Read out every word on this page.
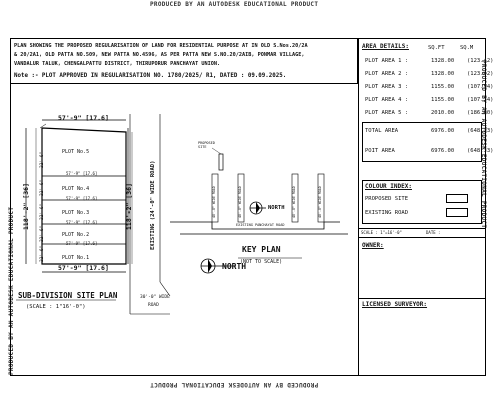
PRODUCED BY AN AUTODESK EDUCATIONAL PRODUCT
PRODUCED BY AN AUTODESK EDUCATIONAL PRODUCT
PRODUCED BY AN AUTODESK EDUCATIONAL PRODUCT
PRODUCED BY AN AUTODESK EDUCATIONAL PRODUCT
PLAN SHOWING THE PROPOSED REGULARISATION OF LAND FOR RESIDENTIAL PURPOSE AT IN OLD S.Nos.20/2A
& 20/2A1, OLD PATTA NO.509, NEW PATTA NO.4596, AS PER PATTA NEW S.NO.20/2AIB, PONMAR VILLAGE,
VANDALUR TALUK, CHENGALPATTU DISTRICT, THIRUPORUR PANCHAYAT UNION.
Note :- PLOT APPROVED IN REGULARISATION NO. 1780/2025/ R1, DATED : 09.09.2025.
57'-9" [17.6]
57'-9" [17.6]
118'-2" [36]	118'-2" [36]
PLOT No.5
PLOT No.4
PLOT No.3
PLOT No.2
PLOT No.1
57'-9" [17.6]
57'-9" [17.6]
57'-9" [17.6]
57'-9" [17.6]
22'-6"
22'-6"
22'-6"
22'-6"
22'-6"
EXISTING (24'-0" WIDE ROAD)
30'-0" WIDE
ROAD
NORTH
SUB-DIVISION SITE PLAN
(SCALE : 1"16'-0")
KEY PLAN
(NOT TO SCALE)
PROPOSED SITE
EXISTING PANCHAYAT ROAD
NORTH
40'-0" WIDE ROAD	40'-0" WIDE ROAD	40'-0" WIDE ROAD	40'-0" WIDE ROAD
AREA DETAILS:	SQ.FT	SQ.M
PLOT AREA 1 :	1328.00 (123.42)
PLOT AREA 2 :	1328.00 (123.42)
PLOT AREA 3 :	1155.00 (107.34)
PLOT AREA 4 :	1155.00 (107.34)
PLOT AREA 5 :	2010.00 (186.80)
TOTAL AREA	6976.00 (648.33)
POIT AREA	6976.00 (648.33)
COLOUR INDEX:
PROPOSED SITE
EXISTING ROAD
SCALE : 1"=16'-0"	DATE :
OWNER:
LICENSED SURVEYOR:
